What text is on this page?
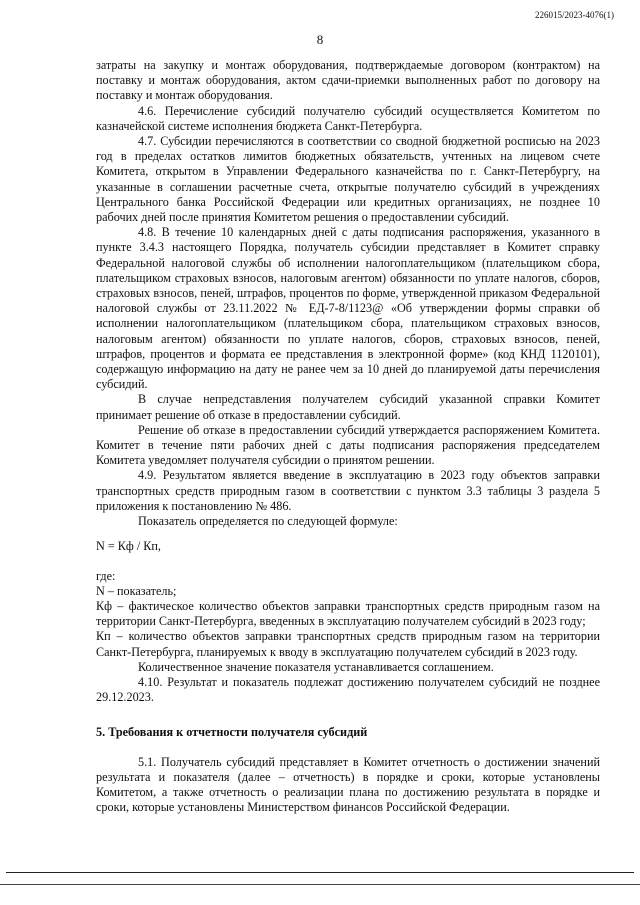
226015/2023-4076(1)
8

затраты на закупку и монтаж оборудования, подтверждаемые договором (контрактом) на поставку и монтаж оборудования, актом сдачи-приемки выполненных работ по договору на поставку и монтаж оборудования.

4.6. Перечисление субсидий получателю субсидий осуществляется Комитетом по казначейской системе исполнения бюджета Санкт-Петербурга.

4.7. Субсидии перечисляются в соответствии со сводной бюджетной росписью на 2023 год в пределах остатков лимитов бюджетных обязательств, учтенных на лицевом счете Комитета, открытом в Управлении Федерального казначейства по г. Санкт-Петербургу, на указанные в соглашении расчетные счета, открытые получателю субсидий в учреждениях Центрального банка Российской Федерации или кредитных организациях, не позднее 10 рабочих дней после принятия Комитетом решения о предоставлении субсидий.

4.8. В течение 10 календарных дней с даты подписания распоряжения, указанного в пункте 3.4.3 настоящего Порядка, получатель субсидии представляет в Комитет справку Федеральной налоговой службы об исполнении налогоплательщиком (плательщиком сбора, плательщиком страховых взносов, налоговым агентом) обязанности по уплате налогов, сборов, страховых взносов, пеней, штрафов, процентов по форме, утвержденной приказом Федеральной налоговой службы от 23.11.2022 № ЕД-7-8/1123@ «Об утверждении формы справки об исполнении налогоплательщиком (плательщиком сбора, плательщиком страховых взносов, налоговым агентом) обязанности по уплате налогов, сборов, страховых взносов, пеней, штрафов, процентов и формата ее представления в электронной форме» (код КНД 1120101), содержащую информацию на дату не ранее чем за 10 дней до планируемой даты перечисления субсидий.

В случае непредставления получателем субсидий указанной справки Комитет принимает решение об отказе в предоставлении субсидий.

Решение об отказе в предоставлении субсидий утверждается распоряжением Комитета. Комитет в течение пяти рабочих дней с даты подписания распоряжения председателем Комитета уведомляет получателя субсидии о принятом решении.

4.9. Результатом является введение в эксплуатацию в 2023 году объектов заправки транспортных средств природным газом в соответствии с пунктом 3.3 таблицы 3 раздела 5 приложения к постановлению № 486.

Показатель определяется по следующей формуле:

N = Кф / Кп,

где:

N – показатель;

Кф – фактическое количество объектов заправки транспортных средств природным газом на территории Санкт-Петербурга, введенных в эксплуатацию получателем субсидий в 2023 году;

Кп – количество объектов заправки транспортных средств природным газом на территории Санкт-Петербурга, планируемых к вводу в эксплуатацию получателем субсидий в 2023 году.

Количественное значение показателя устанавливается соглашением.

4.10. Результат и показатель подлежат достижению получателем субсидий не позднее 29.12.2023.

5. Требования к отчетности получателя субсидий

5.1. Получатель субсидий представляет в Комитет отчетность о достижении значений результата и показателя (далее – отчетность) в порядке и сроки, которые установлены Комитетом, а также отчетность о реализации плана по достижению результата в порядке и сроки, которые установлены Министерством финансов Российской Федерации.
